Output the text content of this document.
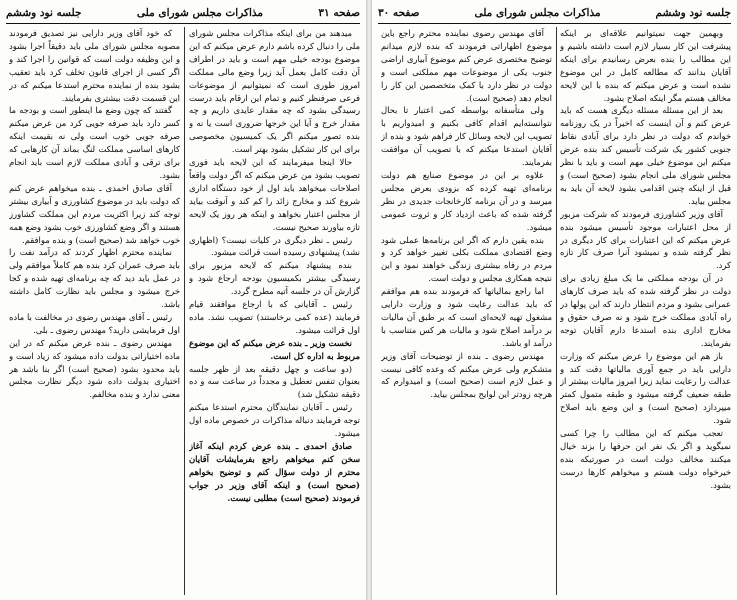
صفحه ۳۱
مذاکرات مجلس شورای ملی
جلسه نود وششم

میدهند من برای اینکه مذاکرات مجلس شورای ملی را دنبال کرده باشم دارم عرض میکنم که این موضوع بودجه خیلی مهم است و باید در اطراف آن دقت کامل بعمل آید زیرا وضع مالی مملکت امروز طوری است که نمیتوانیم از موضوعات فرعی صرفنظر کنیم و تمام این ارقام باید درست رسیدگی بشود که چه مقدار عایدی داریم و چه مقدار خرج و آیا این خرجها ضروری است یا نه و بنده تصور میکنم اگر یک کمیسیون مخصوصی برای این کار تشکیل بشود بهتر است.

حالا اینجا میفرمایند که این لایحه باید فوری تصویب بشود من عرض میکنم که اگر دولت واقعاً اصلاحات میخواهد باید اول از خود دستگاه اداری شروع کند و مخارج زائد را کم کند و آنوقت بیاید از مجلس اعتبار بخواهد و اینکه هر روز یک لایحه تازه بیاورند صحیح نیست.

رئیس ـ نظر دیگری در کلیات نیست؟ (اظهاری نشد) پیشنهادی رسیده است قرائت میشود.

بنده پیشنهاد میکنم که لایحه مزبور برای رسیدگی بیشتر بکمیسیون بودجه ارجاع شود و گزارش آن در جلسه آتیه مطرح گردد.

رئیس ـ آقایانی که با ارجاع موافقند قیام فرمایند (عده کمی برخاستند) تصویب نشد. ماده اول قرائت میشود.

نخست وزیر ـ بنده عرض میکنم که این موضوع مربوط به اداره کل است.

(دو ساعت و چهل دقیقه بعد از ظهر جلسه بعنوان تنفس تعطیل و مجدداً در ساعت سه و ده دقیقه تشکیل شد)

رئیس ـ آقایان نمایندگان محترم استدعا میکنم توجه فرمایند دنباله مذاکرات در خصوص ماده اول میشود.

صادق احمدی ـ بنده عرض کردم اینکه آغاز سخن کنم میخواهم راجع بفرمایشات آقایان محترم از دولت سؤال کنم و توضیح بخواهم (صحیح است) و اینکه آقای وزیر در جواب فرمودند (صحیح است) مطلبی نیست.

که خود آقای وزیر دارایی نیز تصدیق فرمودند مصوبه مجلس شورای ملی باید دقیقاً اجرا بشود و این وظیفه دولت است که قوانین را اجرا کند و اگر کسی از اجرای قانون تخلف کرد باید تعقیب بشود بنده از نماینده محترم استدعا میکنم که در این قسمت دقت بیشتری بفرمایند.

گفتند که چون وضع ما اینطور است و بودجه ما کسر دارد باید صرفه جویی کرد من عرض میکنم صرفه جویی خوب است ولی نه بقیمت اینکه کارهای اساسی مملکت لنگ بماند آن کارهایی که برای ترقی و آبادی مملکت لازم است باید انجام بشود.

آقای صادق احمدی ـ بنده میخواهم عرض کنم که دولت باید در موضوع کشاورزی و آبیاری بیشتر توجه کند زیرا اکثریت مردم این مملکت کشاورز هستند و اگر وضع کشاورزی خوب بشود وضع همه خوب خواهد شد (صحیح است) و بنده موافقم.

نماینده محترم اظهار کردند که درآمد نفت را باید صرف عمران کرد بنده هم کاملاً موافقم ولی در عمل باید دید که چه برنامه‌ای تهیه شده و کجا خرج میشود و مجلس باید نظارت کامل داشته باشد.

رئیس ـ آقای مهندس رضوی در مخالفت با ماده اول فرمایشی دارید؟ مهندس رضوی ـ بلی.

مهندس رضوی ـ بنده عرض میکنم که در این ماده اختیاراتی بدولت داده میشود که زیاد است و باید محدود بشود (صحیح است) اگر بنا باشد هر اختیاری بدولت داده شود دیگر نظارت مجلس معنی ندارد و بنده مخالفم.

جلسه نود وششم
مذاکرات مجلس شورای ملی
صفحه ۳۰

وبهمین جهت نمیتوانیم علاقه‌ای بر اینکه پیشرفت این کار بسیار لازم است داشته باشیم و این مطالب را بنده بعرض رسانیدم برای اینکه آقایان بدانند که مطالعه کامل در این موضوع نشده است و عرض میکنم که بنده با این لایحه مخالف هستم مگر اینکه اصلاح بشود.

بعد از این مسئله مسئله دیگری هست که باید عرض کنم و آن اینست که اخیراً در یک روزنامه خواندم که دولت در نظر دارد برای آبادی نقاط جنوبی کشور یک شرکت تأسیس کند بنده عرض میکنم این موضوع خیلی مهم است و باید با نظر مجلس شورای ملی انجام بشود (صحیح است) و قبل از اینکه چنین اقدامی بشود لایحه آن باید به مجلس بیاید.

آقای وزیر کشاورزی فرمودند که شرکت مزبور از محل اعتبارات موجود تأسیس میشود بنده عرض میکنم که این اعتبارات برای کار دیگری در نظر گرفته شده و نمیشود آنرا صرف کار تازه کرد.

در آن بودجه مملکتی ما یک مبلغ زیادی برای دولت در نظر گرفته شده که باید صرف کارهای عمرانی بشود و مردم انتظار دارند که این پولها در راه آبادی مملکت خرج شود و نه صرف حقوق و مخارج اداری بنده استدعا دارم آقایان توجه بفرمایند.

باز هم این موضوع را عرض میکنم که وزارت دارایی باید در جمع آوری مالیاتها دقت کند و عدالت را رعایت نماید زیرا امروز مالیات بیشتر از طبقه ضعیف گرفته میشود و طبقه متمول کمتر میپردازد (صحیح است) و این وضع باید اصلاح شود.

تعجب میکنم که این مطالب را چرا کسی نمیگوید و اگر یک نفر این حرفها را بزند خیال میکنند مخالف دولت است در صورتیکه بنده خیرخواه دولت هستم و میخواهم کارها درست بشود.

آقای مهندس رضوی نماینده محترم راجع باین موضوع اظهاراتی فرمودند که بنده لازم میدانم توضیح مختصری عرض کنم موضوع آبیاری اراضی جنوب یکی از موضوعات مهم مملکتی است و دولت در نظر دارد با کمک متخصصین این کار را انجام دهد (صحیح است).

ولی متأسفانه بواسطه کمی اعتبار تا بحال نتوانسته‌ایم اقدام کافی بکنیم و امیدواریم با تصویب این لایحه وسائل کار فراهم شود و بنده از آقایان استدعا میکنم که با تصویب آن موافقت بفرمایند.

علاوه بر این در موضوع صنایع هم دولت برنامه‌ای تهیه کرده که بزودی بعرض مجلس میرسد و در آن برنامه کارخانجات جدیدی در نظر گرفته شده که باعث ازدیاد کار و ثروت عمومی میشود.

بنده یقین دارم که اگر این برنامه‌ها عملی شود وضع اقتصادی مملکت بکلی تغییر خواهد کرد و مردم در رفاه بیشتری زندگی خواهند نمود و این نتیجه همکاری مجلس و دولت است.

اما راجع بمالیاتها که فرمودند بنده هم موافقم که باید عدالت رعایت شود و وزارت دارایی مشغول تهیه لایحه‌ای است که بر طبق آن مالیات بر درآمد اصلاح شود و مالیات هر کس متناسب با درآمد او باشد.

مهندس رضوی ـ بنده از توضیحات آقای وزیر متشکرم ولی عرض میکنم که وعده کافی نیست و عمل لازم است (صحیح است) و امیدوارم که هرچه زودتر این لوایح بمجلس بیاید.
